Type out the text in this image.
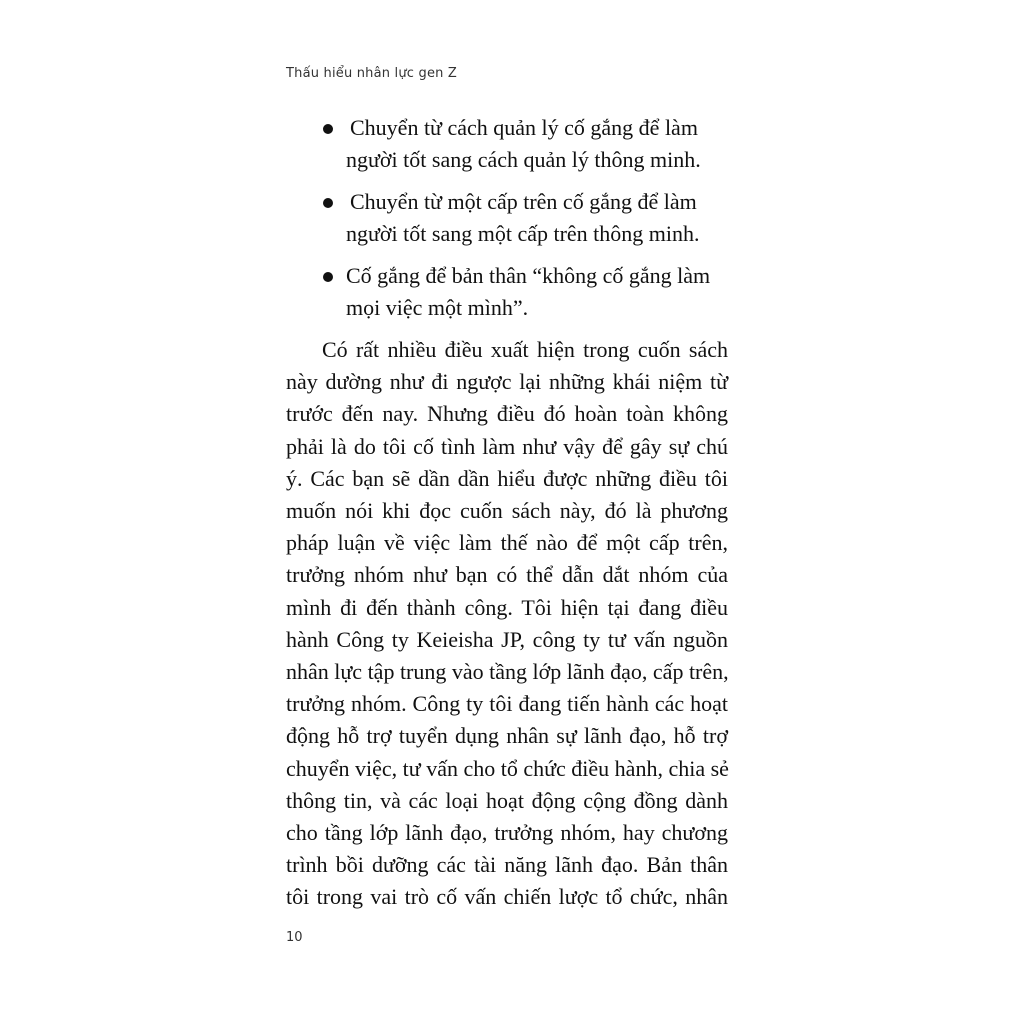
Thấu hiểu nhân lực gen Z
Chuyển từ cách quản lý cố gắng để làm
người tốt sang cách quản lý thông minh.
Chuyển từ một cấp trên cố gắng để làm
người tốt sang một cấp trên thông minh.
Cố gắng để bản thân “không cố gắng làm
mọi việc một mình”.
Có rất nhiều điều xuất hiện trong cuốn sách
này dường như đi ngược lại những khái niệm từ
trước đến nay. Nhưng điều đó hoàn toàn không
phải là do tôi cố tình làm như vậy để gây sự chú
ý. Các bạn sẽ dần dần hiểu được những điều tôi
muốn nói khi đọc cuốn sách này, đó là phương
pháp luận về việc làm thế nào để một cấp trên,
trưởng nhóm như bạn có thể dẫn dắt nhóm của
mình đi đến thành công. Tôi hiện tại đang điều
hành Công ty Keieisha JP, công ty tư vấn nguồn
nhân lực tập trung vào tầng lớp lãnh đạo, cấp trên,
trưởng nhóm. Công ty tôi đang tiến hành các hoạt
động hỗ trợ tuyển dụng nhân sự lãnh đạo, hỗ trợ
chuyển việc, tư vấn cho tổ chức điều hành, chia sẻ
thông tin, và các loại hoạt động cộng đồng dành
cho tầng lớp lãnh đạo, trưởng nhóm, hay chương
trình bồi dưỡng các tài năng lãnh đạo. Bản thân
tôi trong vai trò cố vấn chiến lược tổ chức, nhân
10
